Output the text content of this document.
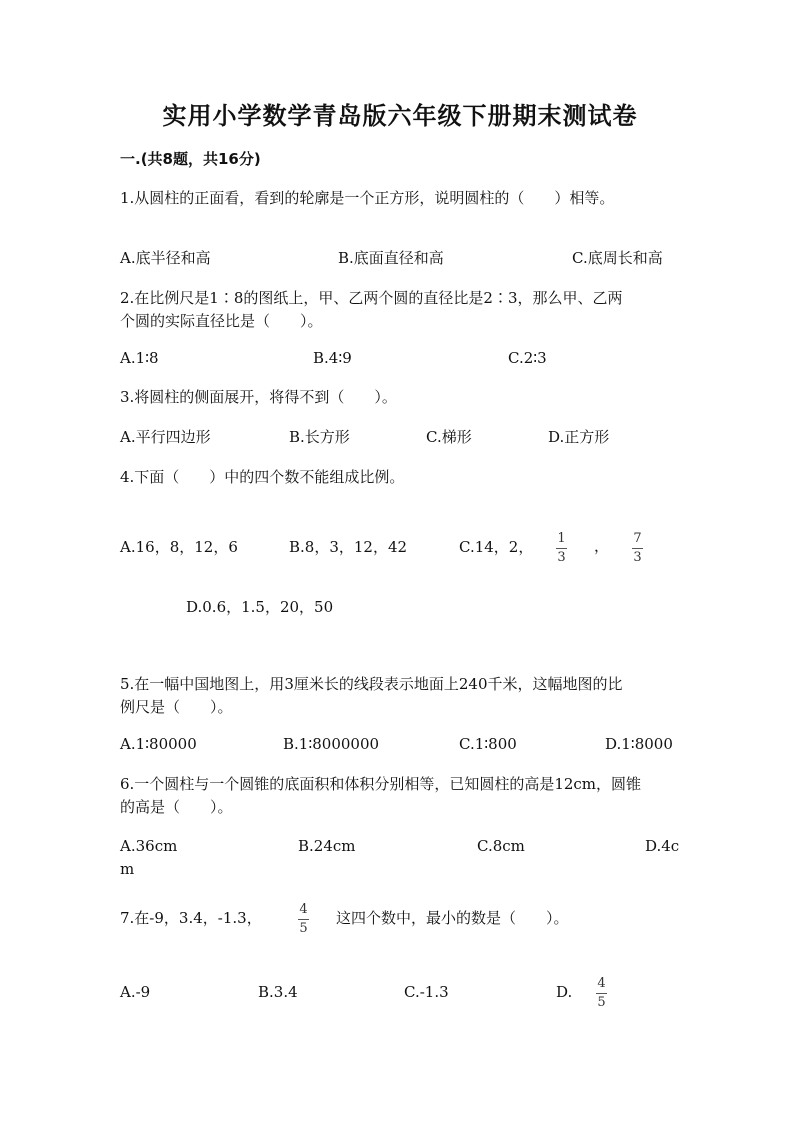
实用小学数学青岛版六年级下册期末测试卷
一.(共8题，共16分)
1.从圆柱的正面看，看到的轮廓是一个正方形，说明圆柱的（　　）相等。
A.底半径和高	B.底面直径和高	C.底周长和高
2.在比例尺是1∶8的图纸上，甲、乙两个圆的直径比是2∶3，那么甲、乙两
个圆的实际直径比是（　　）。
A.1∶8	B.4∶9	C.2∶3
3.将圆柱的侧面展开，将得不到（　　）。
A.平行四边形	B.长方形	C.梯形	D.正方形
4.下面（　　）中的四个数不能组成比例。
A.16，8，12，6	B.8，3，12，42	C.14，2， 1
3
， 7
3
D.0.6，1.5，20，50
5.在一幅中国地图上，用3厘米长的线段表示地面上240千米，这幅地图的比
例尺是（　　）。
A.1∶80000	B.1∶8000000	C.1∶800	D.1∶8000
6.一个圆柱与一个圆锥的底面积和体积分别相等，已知圆柱的高是12cm，圆锥
的高是（　　）。
A.36cm	B.24cm	C.8cm	D.4c
m
7.在-9，3.4，-1.3，	4
5
这四个数中，最小的数是（　　）。
A.-9	B.3.4	C.-1.3	D. 4
5
